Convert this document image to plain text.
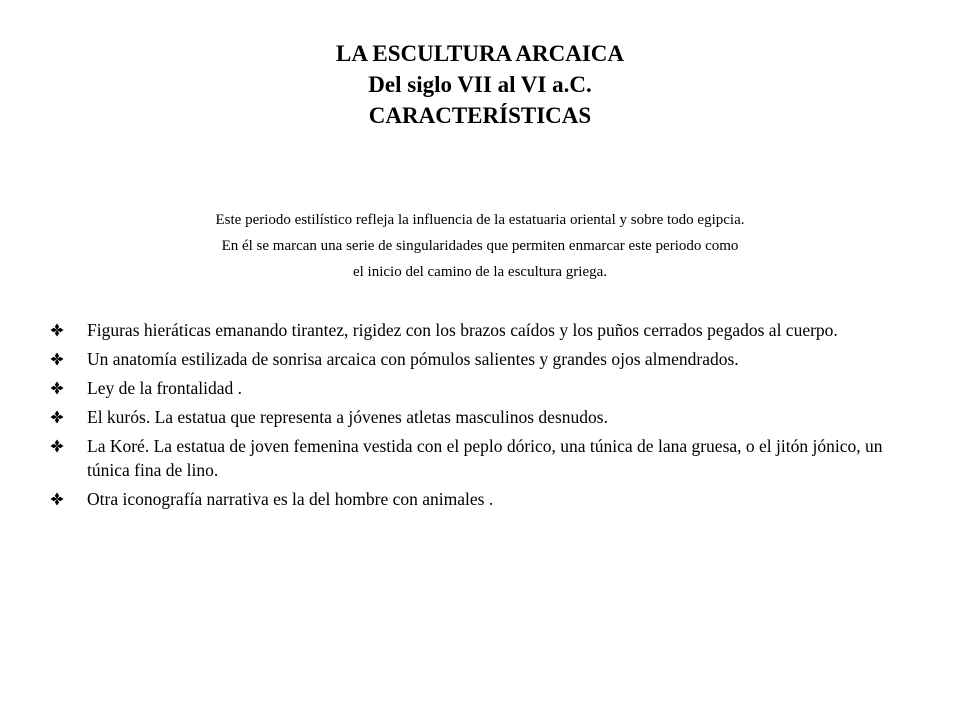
LA ESCULTURA ARCAICA
Del siglo VII al VI a.C.
CARACTERÍSTICAS
Este periodo estilístico refleja la influencia de la estatuaria oriental y sobre todo egipcia.
En él se marcan una serie de singularidades que permiten enmarcar este periodo como
el inicio del camino de la escultura griega.
Figuras hieráticas emanando tirantez, rigidez con los brazos caídos y los puños cerrados pegados al cuerpo.
Un anatomía estilizada de sonrisa arcaica con pómulos salientes y grandes ojos almendrados.
Ley de la frontalidad .
El kurós. La estatua que representa a jóvenes atletas masculinos desnudos.
La Koré. La estatua de joven femenina vestida con el peplo dórico, una túnica de lana gruesa, o el jitón jónico, un túnica fina de lino.
Otra iconografía narrativa es la del hombre con animales .
